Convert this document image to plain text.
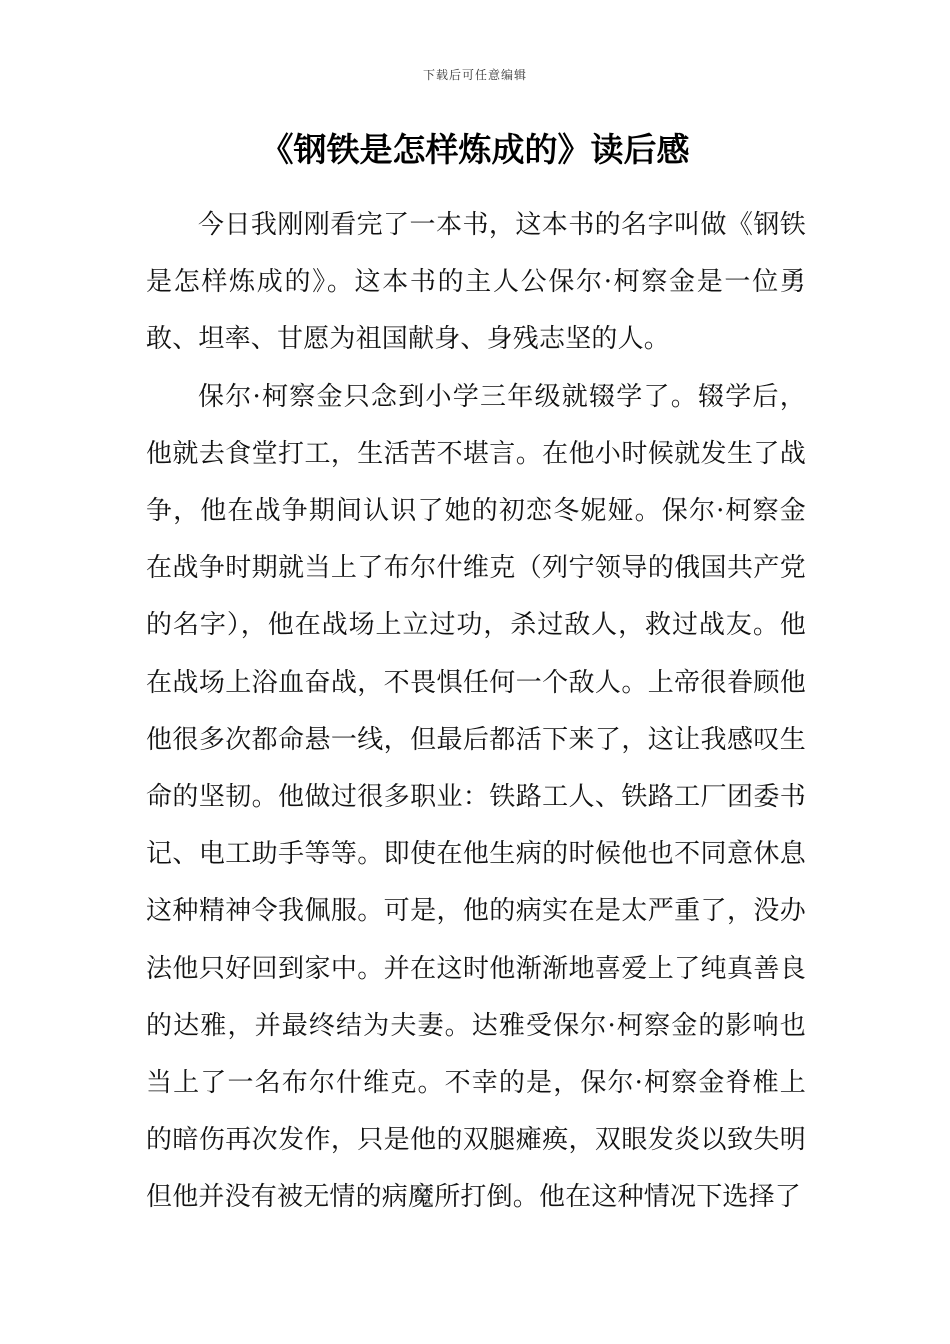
下载后可任意编辑
《钢铁是怎样炼成的》读后感

今日我刚刚看完了一本书，这本书的名字叫做《钢铁是怎样炼成的》。这本书的主人公保尔·柯察金是一位勇敢、坦率、甘愿为祖国献身、身残志坚的人。

保尔·柯察金只念到小学三年级就辍学了。辍学后，他就去食堂打工，生活苦不堪言。在他小时候就发生了战争，他在战争期间认识了她的初恋冬妮娅。保尔·柯察金在战争时期就当上了布尔什维克（列宁领导的俄国共产党的名字），他在战场上立过功，杀过敌人，救过战友。他在战场上浴血奋战，不畏惧任何一个敌人。上帝很眷顾他他很多次都命悬一线，但最后都活下来了，这让我感叹生命的坚韧。他做过很多职业：铁路工人、铁路工厂团委书记、电工助手等等。即使在他生病的时候他也不同意休息这种精神令我佩服。可是，他的病实在是太严重了，没办法他只好回到家中。并在这时他渐渐地喜爱上了纯真善良的达雅，并最终结为夫妻。达雅受保尔·柯察金的影响也当上了一名布尔什维克。不幸的是，保尔·柯察金脊椎上的暗伤再次发作，只是他的双腿瘫痪，双眼发炎以致失明但他并没有被无情的病魔所打倒。他在这种情况下选择了
